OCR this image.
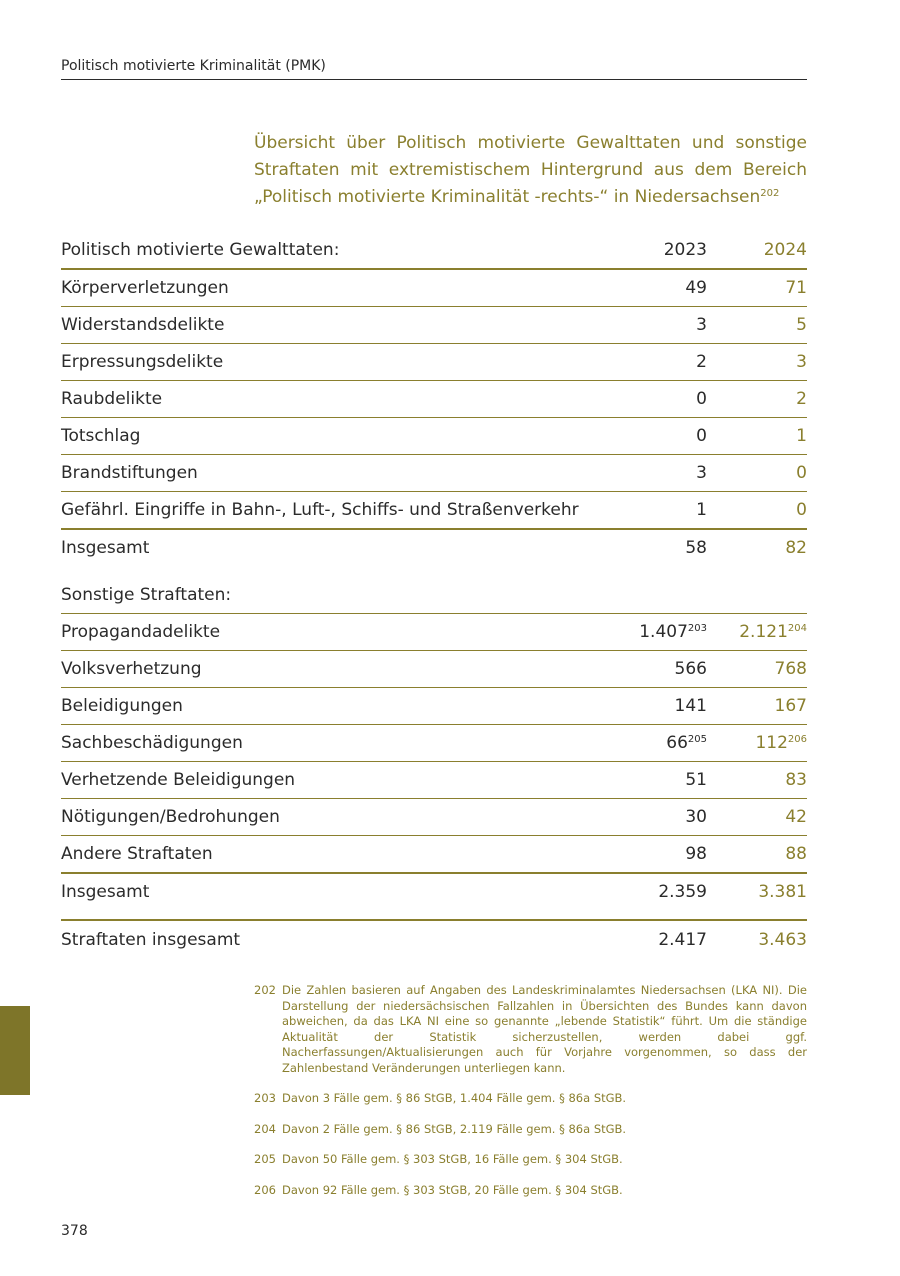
Politisch motivierte Kriminalität (PMK)
Übersicht über Politisch motivierte Gewalttaten und sonstige Straftaten mit extremistischem Hintergrund aus dem Bereich „Politisch motivierte Kriminalität -rechts-“ in Niedersachsen$^{202}$
Politisch motivierte Gewalttaten:	2023	2024
Körperverletzungen	49	71
Widerstandsdelikte	3	5
Erpressungsdelikte	2	3
Raubdelikte	0	2
Totschlag	0	1
Brandstiftungen	3	0
Gefährl. Eingriffe in Bahn-, Luft-, Schiffs- und Straßenverkehr	1	0
Insgesamt	58	82
Sonstige Straftaten:
Propagandadelikte	1.407$^{203}$	2.121$^{204}$
Volksverhetzung	566	768
Beleidigungen	141	167
Sachbeschädigungen	66$^{205}$	112$^{206}$
Verhetzende Beleidigungen	51	83
Nötigungen/Bedrohungen	30	42
Andere Straftaten	98	88
Insgesamt	2.359	3.381
Straftaten insgesamt	2.417	3.463
202 Die Zahlen basieren auf Angaben des Landeskriminalamtes Niedersachsen (LKA NI). Die Darstellung der niedersächsischen Fallzahlen in Übersichten des Bundes kann davon abweichen, da das LKA NI eine so genannte „lebende Statistik“ führt. Um die ständige Aktualität der Statistik sicherzustellen, werden dabei ggf. Nacherfassungen/Aktualisierungen auch für Vorjahre vorgenommen, so dass der Zahlenbestand Veränderungen unterliegen kann.
203 Davon 3 Fälle gem. § 86 StGB, 1.404 Fälle gem. § 86a StGB.
204 Davon 2 Fälle gem. § 86 StGB, 2.119 Fälle gem. § 86a StGB.
205 Davon 50 Fälle gem. § 303 StGB, 16 Fälle gem. § 304 StGB.
206 Davon 92 Fälle gem. § 303 StGB, 20 Fälle gem. § 304 StGB.
378
